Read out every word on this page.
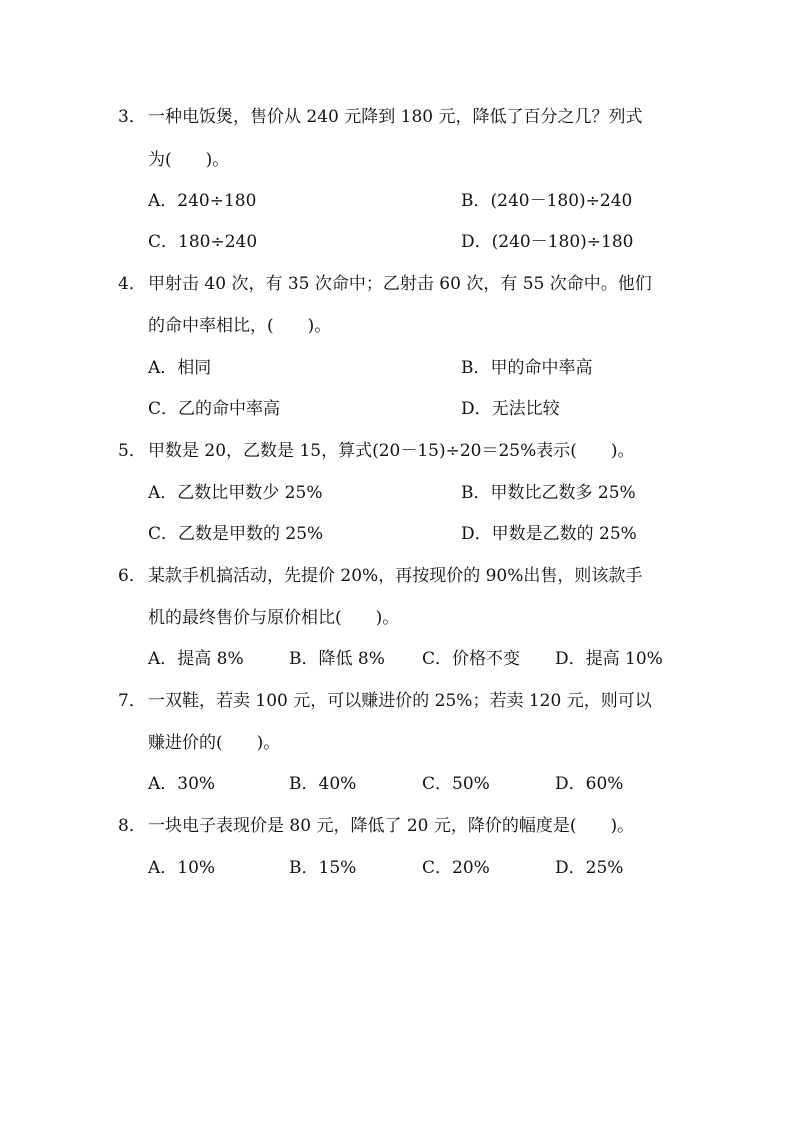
3． 一种电饭煲，售价从 240 元降到 180 元，降低了百分之几？列式
为(　　)。
A．240÷180	B．(240－180)÷240
C．180÷240	D．(240－180)÷180
4． 甲射击 40 次，有 35 次命中；乙射击 60 次，有 55 次命中。他们
的命中率相比，(　　)。
A．相同	B．甲的命中率高
C．乙的命中率高	D．无法比较
5． 甲数是 20，乙数是 15，算式(20－15)÷20＝25%表示(　　)。
A．乙数比甲数少 25%	B．甲数比乙数多 25%
C．乙数是甲数的 25%	D．甲数是乙数的 25%
6． 某款手机搞活动，先提价 20%，再按现价的 90%出售，则该款手
机的最终售价与原价相比(　　)。
A．提高 8%	B．降低 8% C．价格不变 D．提高 10%
7． 一双鞋，若卖 100 元，可以赚进价的 25%；若卖 120 元，则可以
赚进价的(　　)。
A．30%	B．40%	C．50%	D．60%
8． 一块电子表现价是 80 元，降低了 20 元，降价的幅度是(　　)。
A．10%	B．15%	C．20%	D．25%
